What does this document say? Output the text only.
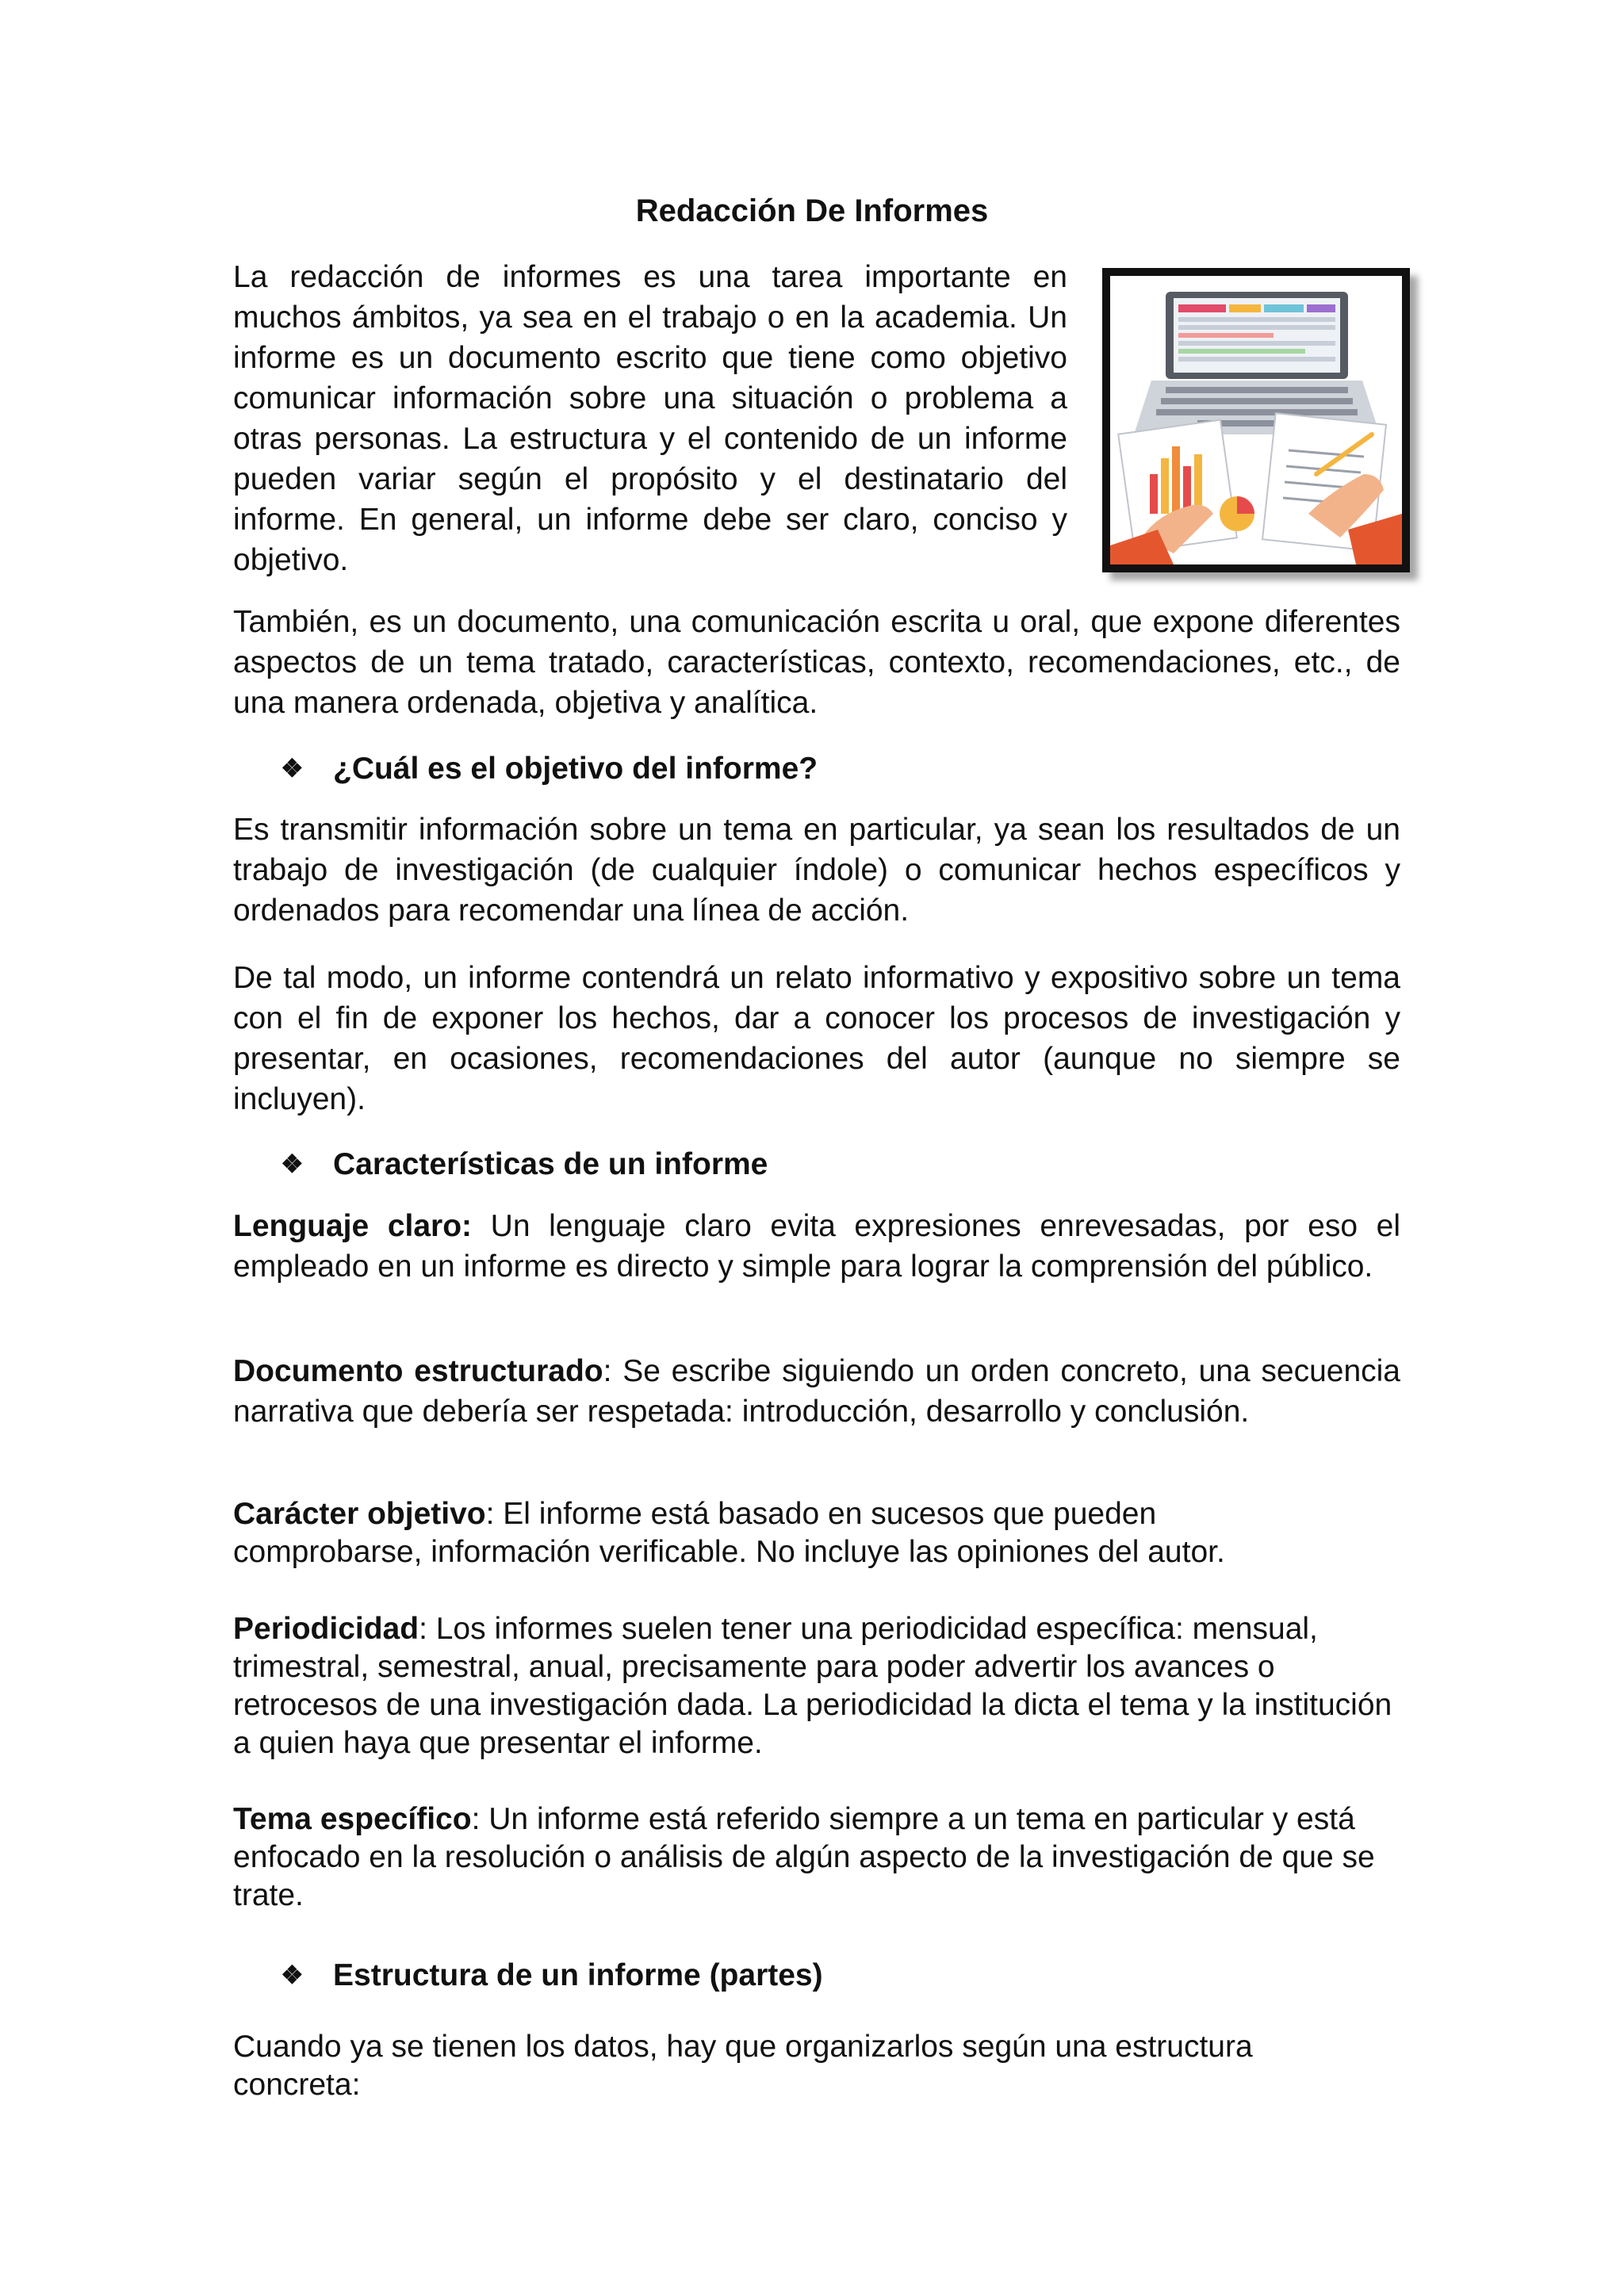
Redacción De Informes

La redacción de informes es una tarea importante en muchos ámbitos, ya sea en el trabajo o en la academia. Un informe es un documento escrito que tiene como objetivo comunicar información sobre una situación o problema a otras personas. La estructura y el contenido de un informe pueden variar según el propósito y el destinatario del informe. En general, un informe debe ser claro, conciso y objetivo.

También, es un documento, una comunicación escrita u oral, que expone diferentes aspectos de un tema tratado, características, contexto, recomendaciones, etc., de una manera ordenada, objetiva y analítica.

❖ ¿Cuál es el objetivo del informe?

Es transmitir información sobre un tema en particular, ya sean los resultados de un trabajo de investigación (de cualquier índole) o comunicar hechos específicos y ordenados para recomendar una línea de acción.

De tal modo, un informe contendrá un relato informativo y expositivo sobre un tema con el fin de exponer los hechos, dar a conocer los procesos de investigación y presentar, en ocasiones, recomendaciones del autor (aunque no siempre se incluyen).

❖ Características de un informe

Lenguaje claro: Un lenguaje claro evita expresiones enrevesadas, por eso el empleado en un informe es directo y simple para lograr la comprensión del público.

Documento estructurado: Se escribe siguiendo un orden concreto, una secuencia narrativa que debería ser respetada: introducción, desarrollo y conclusión.

Carácter objetivo: El informe está basado en sucesos que pueden comprobarse, información verificable. No incluye las opiniones del autor.

Periodicidad: Los informes suelen tener una periodicidad específica: mensual, trimestral, semestral, anual, precisamente para poder advertir los avances o retrocesos de una investigación dada. La periodicidad la dicta el tema y la institución a quien haya que presentar el informe.

Tema específico: Un informe está referido siempre a un tema en particular y está enfocado en la resolución o análisis de algún aspecto de la investigación de que se trate.

❖ Estructura de un informe (partes)

Cuando ya se tienen los datos, hay que organizarlos según una estructura concreta:
